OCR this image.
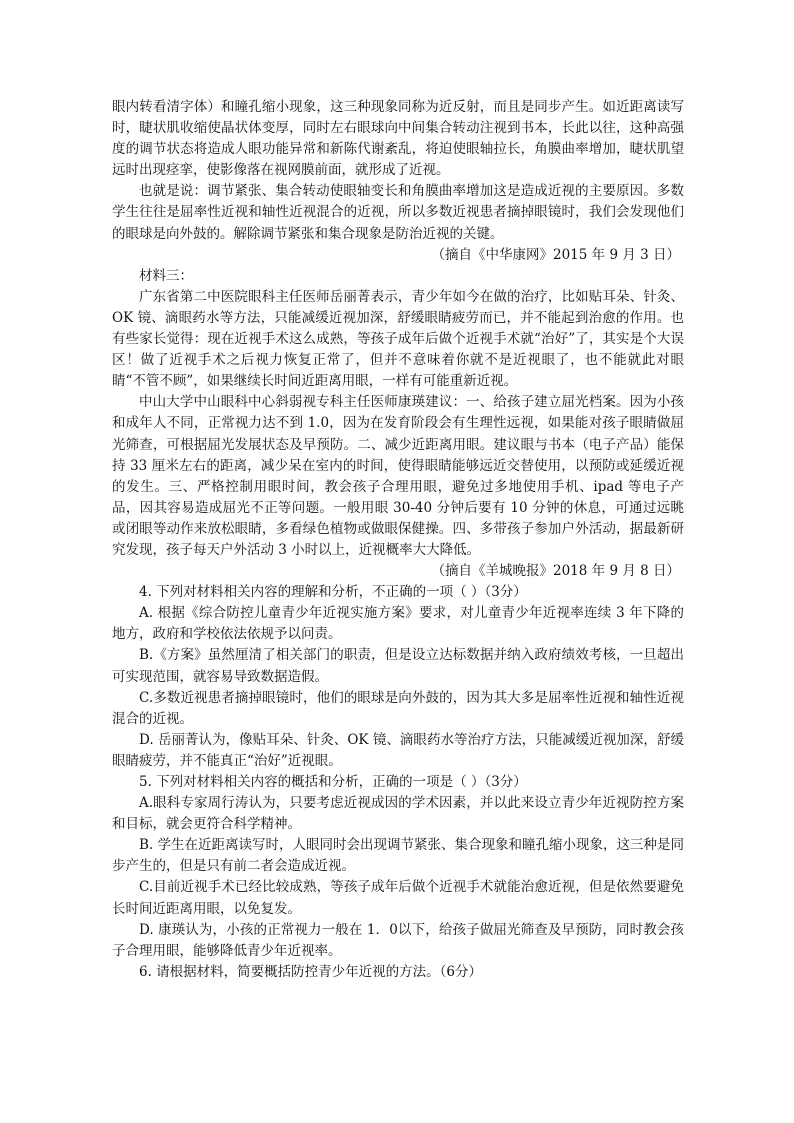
眼内转看清字体）和瞳孔缩小现象，这三种现象同称为近反射，而且是同步产生。如近距离读写时，睫状肌收缩使晶状体变厚，同时左右眼球向中间集合转动注视到书本，长此以往，这种高强度的调节状态将造成人眼功能异常和新陈代谢紊乱，将迫使眼轴拉长，角膜曲率增加，睫状肌望远时出现痉挛，使影像落在视网膜前面，就形成了近视。

也就是说：调节紧张、集合转动使眼轴变长和角膜曲率增加这是造成近视的主要原因。多数学生往往是屈率性近视和轴性近视混合的近视，所以多数近视患者摘掉眼镜时，我们会发现他们的眼球是向外鼓的。解除调节紧张和集合现象是防治近视的关键。

（摘自《中华康网》2015 年 9 月 3 日）

材料三：

广东省第二中医院眼科主任医师岳丽菁表示，青少年如今在做的治疗，比如贴耳朵、针灸、OK 镜、滴眼药水等方法，只能减缓近视加深，舒缓眼睛疲劳而已，并不能起到治愈的作用。也有些家长觉得：现在近视手术这么成熟，等孩子成年后做个近视手术就“治好”了，其实是个大误区！做了近视手术之后视力恢复正常了，但并不意味着你就不是近视眼了，也不能就此对眼睛“不管不顾”，如果继续长时间近距离用眼，一样有可能重新近视。

中山大学中山眼科中心斜弱视专科主任医师康瑛建议：一、给孩子建立屈光档案。因为小孩和成年人不同，正常视力达不到 1.0，因为在发育阶段会有生理性远视，如果能对孩子眼睛做屈光筛查，可根据屈光发展状态及早预防。二、减少近距离用眼。建议眼与书本（电子产品）能保持 33 厘米左右的距离，减少呆在室内的时间，使得眼睛能够远近交替使用，以预防或延缓近视的发生。三、严格控制用眼时间，教会孩子合理用眼，避免过多地使用手机、ipad 等电子产品，因其容易造成屈光不正等问题。一般用眼 30-40 分钟后要有 10 分钟的休息，可通过远眺或闭眼等动作来放松眼睛，多看绿色植物或做眼保健操。四、多带孩子参加户外活动，据最新研究发现，孩子每天户外活动 3 小时以上，近视概率大大降低。

（摘自《羊城晚报》2018 年 9 月 8 日）

4. 下列对材料相关内容的理解和分析，不正确的一项（ ）（3分）

A. 根据《综合防控儿童青少年近视实施方案》要求，对儿童青少年近视率连续 3 年下降的地方，政府和学校依法依规予以问责。

B.《方案》虽然厘清了相关部门的职责，但是设立达标数据并纳入政府绩效考核，一旦超出可实现范围，就容易导致数据造假。

C.多数近视患者摘掉眼镜时，他们的眼球是向外鼓的，因为其大多是屈率性近视和轴性近视混合的近视。

D. 岳丽菁认为，像贴耳朵、针灸、OK 镜、滴眼药水等治疗方法，只能减缓近视加深，舒缓眼睛疲劳，并不能真正“治好”近视眼。

5. 下列对材料相关内容的概括和分析，正确的一项是（ ）（3分）

A.眼科专家周行涛认为，只要考虑近视成因的学术因素，并以此来设立青少年近视防控方案和目标，就会更符合科学精神。

B. 学生在近距离读写时，人眼同时会出现调节紧张、集合现象和瞳孔缩小现象，这三种是同步产生的，但是只有前二者会造成近视。

C.目前近视手术已经比较成熟，等孩子成年后做个近视手术就能治愈近视，但是依然要避免长时间近距离用眼，以免复发。

D. 康瑛认为，小孩的正常视力一般在 1．0以下，给孩子做屈光筛查及早预防，同时教会孩子合理用眼，能够降低青少年近视率。

6. 请根据材料，简要概括防控青少年近视的方法。（6分）
